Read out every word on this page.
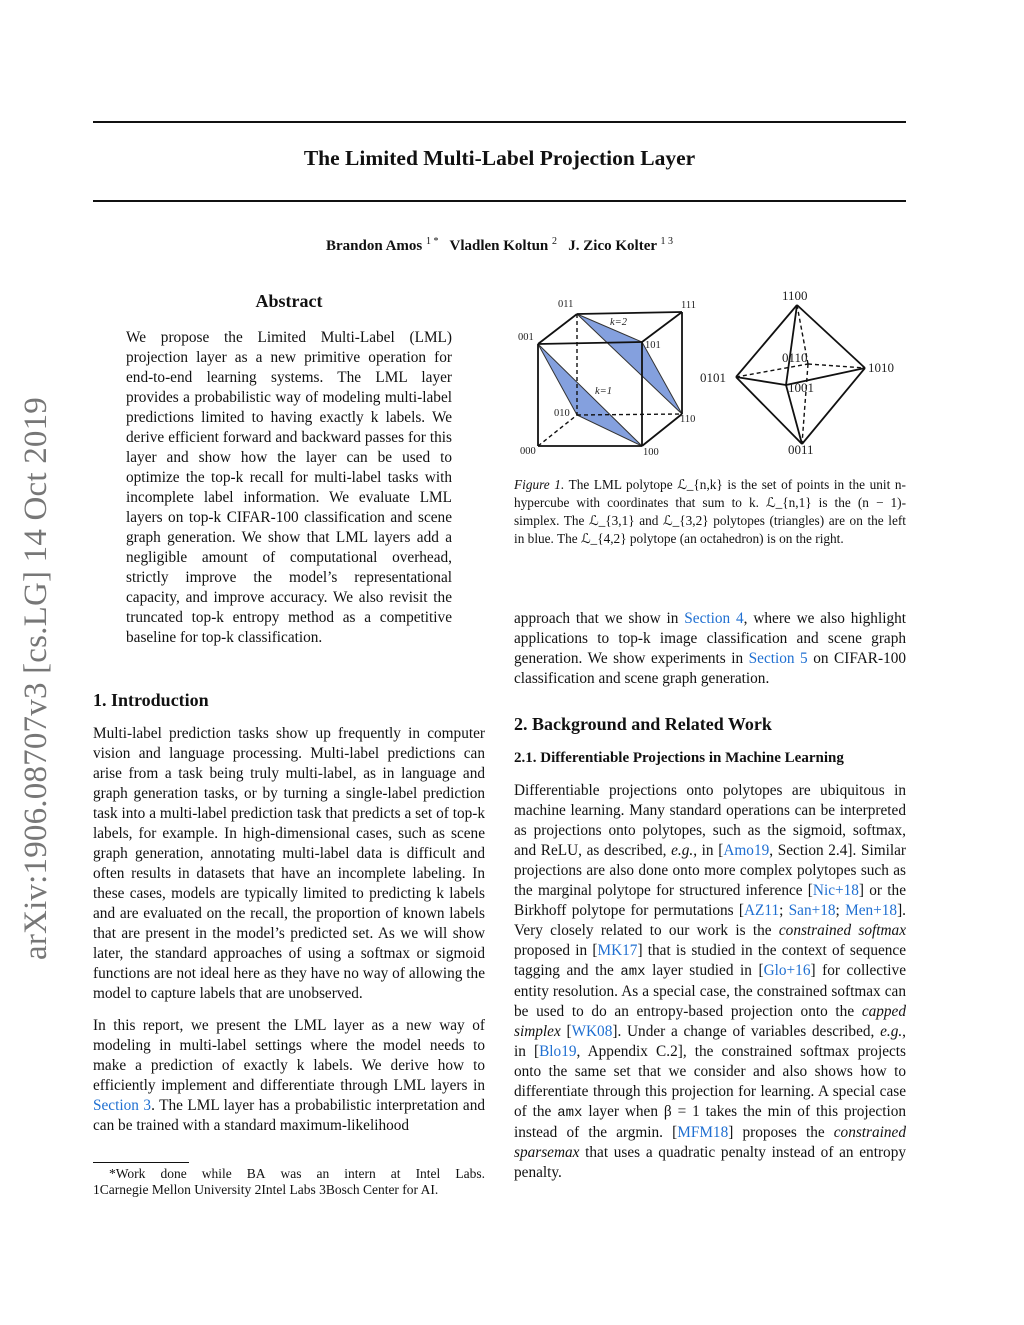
The Limited Multi-Label Projection Layer
Brandon Amos $^{1 *}$ Vladlen Koltun $^2$ J. Zico Kolter $^{1 3}$
arXiv:1906.08707v3 [cs.LG] 14 Oct 2019
Abstract
We propose the Limited Multi-Label (LML) projection layer as a new primitive operation for end-to-end learning systems. The LML layer provides a probabilistic way of modeling multi-label predictions limited to having exactly k labels. We derive efficient forward and backward passes for this layer and show how the layer can be used to optimize the top-k recall for multi-label tasks with incomplete label information. We evaluate LML layers on top-k CIFAR-100 classification and scene graph generation. We show that LML layers add a negligible amount of computational overhead, strictly improve the model’s representational capacity, and improve accuracy. We also revisit the truncated top-k entropy method as a competitive baseline for top-k classification.
1. Introduction

Multi-label prediction tasks show up frequently in computer vision and language processing. Multi-label predictions can arise from a task being truly multi-label, as in language and graph generation tasks, or by turning a single-label prediction task into a multi-label prediction task that predicts a set of top-k labels, for example. In high-dimensional cases, such as scene graph generation, annotating multi-label data is difficult and often results in datasets that have an incomplete labeling. In these cases, models are typically limited to predicting k labels and are evaluated on the recall, the proportion of known labels that are present in the model’s predicted set. As we will show later, the standard approaches of using a softmax or sigmoid functions are not ideal here as they have no way of allowing the model to capture labels that are unobserved.

In this report, we present the LML layer as a new way of modeling in multi-label settings where the model needs to make a prediction of exactly k labels. We derive how to efficiently implement and differentiate through LML layers in Section 3. The LML layer has a probabilistic interpretation and can be trained with a standard maximum-likelihood

*Work done while BA was an intern at Intel Labs.
1Carnegie Mellon University 2Intel Labs 3Bosch Center for AI.
000	100
010
110
001
101
011	111
k=2
k=1
1100
0101
0110
1010
1001
0011
Figure 1. The LML polytope ℒ_{n,k} is the set of points in the unit n-hypercube with coordinates that sum to k. ℒ_{n,1} is the (n − 1)-simplex. The ℒ_{3,1} and ℒ_{3,2} polytopes (triangles) are on the left in blue. The ℒ_{4,2} polytope (an octahedron) is on the right.
approach that we show in Section 4, where we also highlight applications to top-k image classification and scene graph generation. We show experiments in Section 5 on CIFAR-100 classification and scene graph generation.
2. Background and Related Work
2.1. Differentiable Projections in Machine Learning
Differentiable projections onto polytopes are ubiquitous in machine learning. Many standard operations can be interpreted as projections onto polytopes, such as the sigmoid, softmax, and ReLU, as described, e.g., in [Amo19, Section 2.4]. Similar projections are also done onto more complex polytopes such as the marginal polytope for structured inference [Nic+18] or the Birkhoff polytope for permutations [AZ11; San+18; Men+18]. Very closely related to our work is the constrained softmax proposed in [MK17] that is studied in the context of sequence tagging and the amx layer studied in [Glo+16] for collective entity resolution. As a special case, the constrained softmax can be used to do an entropy-based projection onto the capped simplex [WK08]. Under a change of variables described, e.g., in [Blo19, Appendix C.2], the constrained softmax projects onto the same set that we consider and also shows how to differentiate through this projection for learning. A special case of the amx layer when β = 1 takes the min of this projection instead of the argmin. [MFM18] proposes the constrained sparsemax that uses a quadratic penalty instead of an entropy penalty.
